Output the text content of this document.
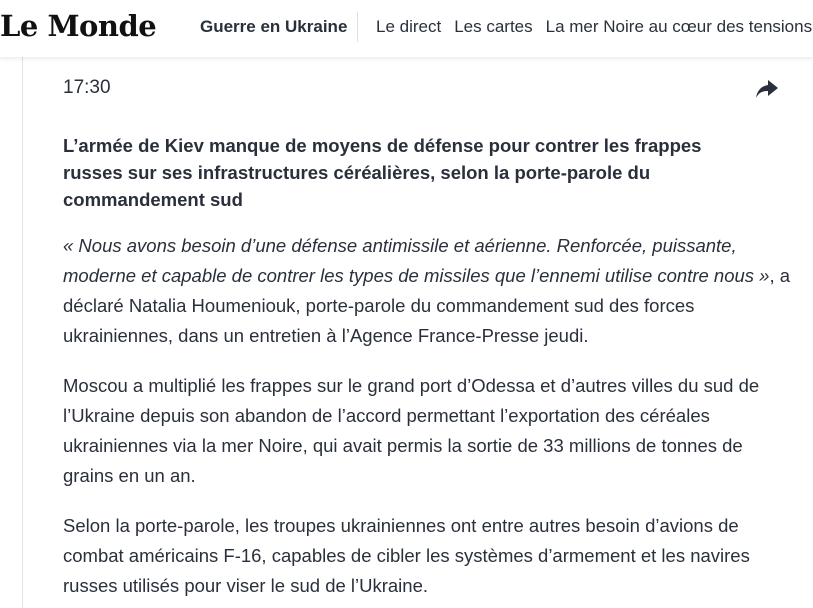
Le Monde	Guerre en Ukraine Le direct Les cartes La mer Noire au cœur des tensions
17:30
L’armée de Kiev manque de moyens de défense pour contrer les frappes russes sur ses infrastructures céréalières, selon la porte-parole du commandement sud
« Nous avons besoin d’une défense antimissile et aérienne. Renforcée, puissante, moderne et capable de contrer les types de missiles que l’ennemi utilise contre nous », a déclaré Natalia Houmeniouk, porte-parole du commandement sud des forces ukrainiennes, dans un entretien à l’Agence France-Presse jeudi.
Moscou a multiplié les frappes sur le grand port d’Odessa et d’autres villes du sud de l’Ukraine depuis son abandon de l’accord permettant l’exportation des céréales ukrainiennes via la mer Noire, qui avait permis la sortie de 33 millions de tonnes de grains en un an.
Selon la porte-parole, les troupes ukrainiennes ont entre autres besoin d’avions de combat américains F-16, capables de cibler les systèmes d’armement et les navires russes utilisés pour viser le sud de l’Ukraine.
